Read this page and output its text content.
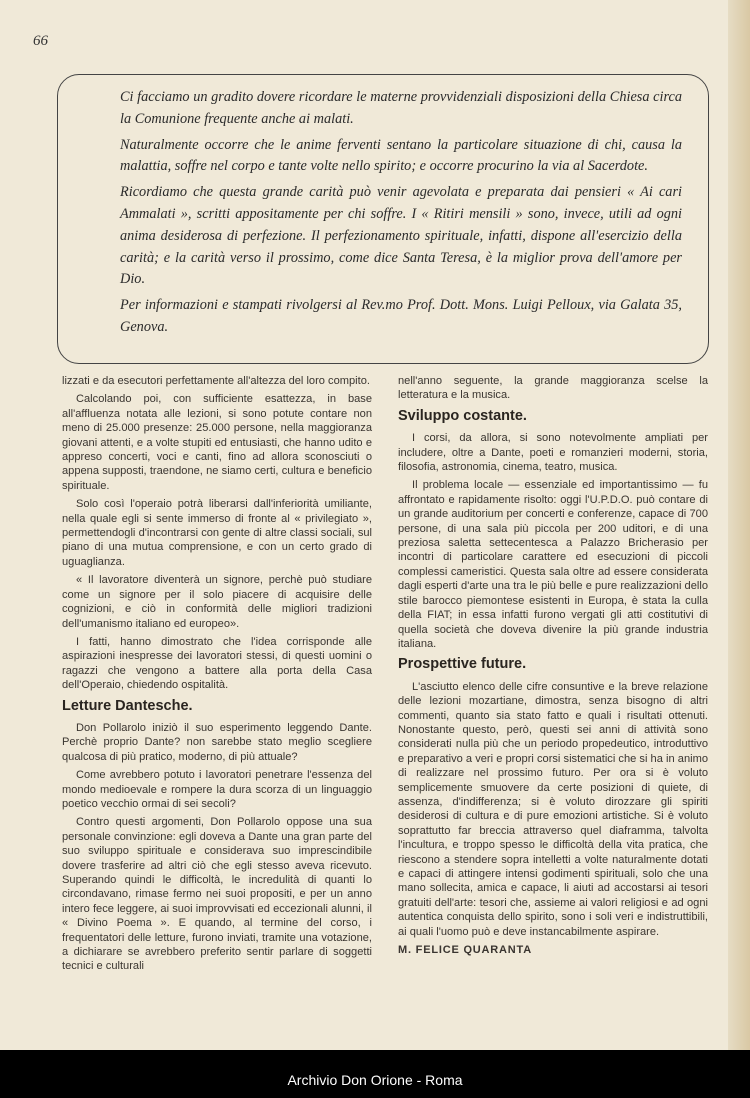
66

Ci facciamo un gradito dovere ricordare le materne provvidenziali disposizioni della Chiesa circa la Comunione frequente anche ai malati.

Naturalmente occorre che le anime ferventi sentano la particolare situazione di chi, causa la malattia, soffre nel corpo e tante volte nello spirito; e occorre procurino la via al Sacerdote.

Ricordiamo che questa grande carità può venir agevolata e preparata dai pensieri « Ai cari Ammalati », scritti appositamente per chi soffre. I « Ritiri mensili » sono, invece, utili ad ogni anima desiderosa di perfezione. Il perfezionamento spirituale, infatti, dispone all'esercizio della carità; e la carità verso il prossimo, come dice Santa Teresa, è la miglior prova dell'amore per Dio.

Per informazioni e stampati rivolgersi al Rev.mo Prof. Dott. Mons. Luigi Pelloux, via Galata 35, Genova.

lizzati e da esecutori perfettamente all'altezza del loro compito.

Calcolando poi, con sufficiente esattezza, in base all'affluenza notata alle lezioni, si sono potute contare non meno di 25.000 presenze: 25.000 persone, nella maggioranza giovani attenti, e a volte stupiti ed entusiasti, che hanno udito e appreso concerti, voci e canti, fino ad allora sconosciuti o appena supposti, traendone, ne siamo certi, cultura e beneficio spirituale.

Solo così l'operaio potrà liberarsi dall'inferiorità umiliante, nella quale egli si sente immerso di fronte al « privilegiato », permettendogli d'incontrarsi con gente di altre classi sociali, sul piano di una mutua comprensione, e con un certo grado di uguaglianza.

« Il lavoratore diventerà un signore, perchè può studiare come un signore per il solo piacere di acquisire delle cognizioni, e ciò in conformità delle migliori tradizioni dell'umanismo italiano ed europeo».

I fatti, hanno dimostrato che l'idea corrisponde alle aspirazioni inespresse dei lavoratori stessi, di questi uomini o ragazzi che vengono a battere alla porta della Casa dell'Operaio, chiedendo ospitalità.

Letture Dantesche.

Don Pollarolo iniziò il suo esperimento leggendo Dante. Perchè proprio Dante? non sarebbe stato meglio scegliere qualcosa di più pratico, moderno, di più attuale?

Come avrebbero potuto i lavoratori penetrare l'essenza del mondo medioevale e rompere la dura scorza di un linguaggio poetico vecchio ormai di sei secoli?

Contro questi argomenti, Don Pollarolo oppose una sua personale convinzione: egli doveva a Dante una gran parte del suo sviluppo spirituale e considerava suo imprescindibile dovere trasferire ad altri ciò che egli stesso aveva ricevuto. Superando quindi le difficoltà, le incredulità di quanti lo circondavano, rimase fermo nei suoi propositi, e per un anno intero fece leggere, ai suoi improvvisati ed eccezionali alunni, il « Divino Poema ». E quando, al termine del corso, i frequentatori delle letture, furono inviati, tramite una votazione, a dichiarare se avrebbero preferito sentir parlare di soggetti tecnici e culturali

nell'anno seguente, la grande maggioranza scelse la letteratura e la musica.

Sviluppo costante.

I corsi, da allora, si sono notevolmente ampliati per includere, oltre a Dante, poeti e romanzieri moderni, storia, filosofia, astronomia, cinema, teatro, musica.

Il problema locale — essenziale ed importantissimo — fu affrontato e rapidamente risolto: oggi l'U.P.D.O. può contare di un grande auditorium per concerti e conferenze, capace di 700 persone, di una sala più piccola per 200 uditori, e di una preziosa saletta settecentesca a Palazzo Bricherasio per incontri di particolare carattere ed esecuzioni di piccoli complessi cameristici. Questa sala oltre ad essere considerata dagli esperti d'arte una tra le più belle e pure realizzazioni dello stile barocco piemontese esistenti in Europa, è stata la culla della FIAT; in essa infatti furono vergati gli atti costitutivi di quella società che doveva divenire la più grande industria italiana.

Prospettive future.

L'asciutto elenco delle cifre consuntive e la breve relazione delle lezioni mozartiane, dimostra, senza bisogno di altri commenti, quanto sia stato fatto e quali i risultati ottenuti. Nonostante questo, però, questi sei anni di attività sono considerati nulla più che un periodo propedeutico, introduttivo e preparativo a veri e propri corsi sistematici che si ha in animo di realizzare nel prossimo futuro. Per ora si è voluto semplicemente smuovere da certe posizioni di quiete, di assenza, d'indifferenza; si è voluto dirozzare gli spiriti desiderosi di cultura e di pure emozioni artistiche. Si è voluto soprattutto far breccia attraverso quel diaframma, talvolta l'incultura, e troppo spesso le difficoltà della vita pratica, che riescono a stendere sopra intelletti a volte naturalmente dotati e capaci di attingere intensi godimenti spirituali, solo che una mano sollecita, amica e capace, li aiuti ad accostarsi ai tesori gratuiti dell'arte: tesori che, assieme ai valori religiosi e ad ogni autentica conquista dello spirito, sono i soli veri e indistruttibili, ai quali l'uomo può e deve instancabilmente aspirare.

M. FELICE QUARANTA

Archivio Don Orione - Roma
